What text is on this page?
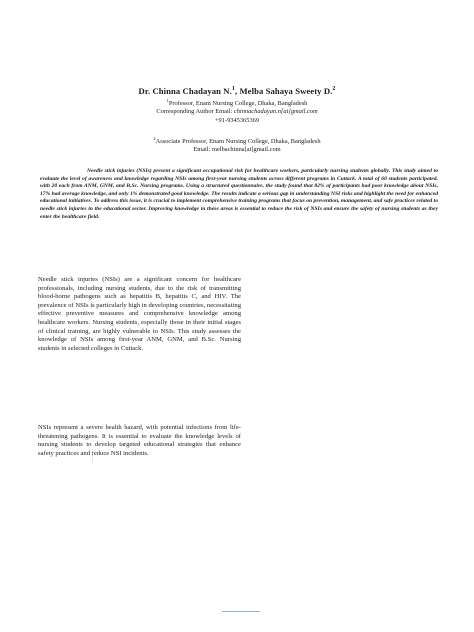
Dr. Chinna Chadayan N.$^1$, Melba Sahaya Sweety D.$^2$
$^1$Professor, Enam Nursing College, Dhaka, Bangladesh
Corresponding Author Email: chinnachadayan.n[at]gmail.com
+91-9345365369
$^2$Associate Professor, Enam Nursing College, Dhaka, Bangladesh
Email: melbachinna[at]gmail.com
Needle stick injuries (NSIs) present a significant occupational risk for healthcare workers, particularly nursing students globally. This study aimed to evaluate the level of awareness and knowledge regarding NSIs among first-year nursing students across different programs in Cuttack. A total of 60 students participated, with 20 each from ANM, GNM, and B.Sc. Nursing programs. Using a structured questionnaire, the study found that 82% of participants had poor knowledge about NSIs, 17% had average knowledge, and only 1% demonstrated good knowledge. The results indicate a serious gap in understanding NSI risks and highlight the need for enhanced educational initiatives. To address this issue, it is crucial to implement comprehensive training programs that focus on prevention, management, and safe practices related to needle stick injuries in the educational sector. Improving knowledge in these areas is essential to reduce the risk of NSIs and ensure the safety of nursing students as they enter the healthcare field.
Needle stick injuries (NSIs) are a significant concern for healthcare professionals, including nursing students, due to the risk of transmitting blood-borne pathogens such as hepatitis B, hepatitis C, and HIV. The prevalence of NSIs is particularly high in developing countries, necessitating effective preventive measures and comprehensive knowledge among healthcare workers. Nursing students, especially those in their initial stages of clinical training, are highly vulnerable to NSIs. This study assesses the knowledge of NSIs among first-year ANM, GNM, and B.Sc. Nursing students in selected colleges in Cuttack.
NSIs represent a severe health hazard, with potential infections from life-threatening pathogens. It is essential to evaluate the knowledge levels of nursing students to develop targeted educational strategies that enhance safety practices and reduce NSI incidents.
